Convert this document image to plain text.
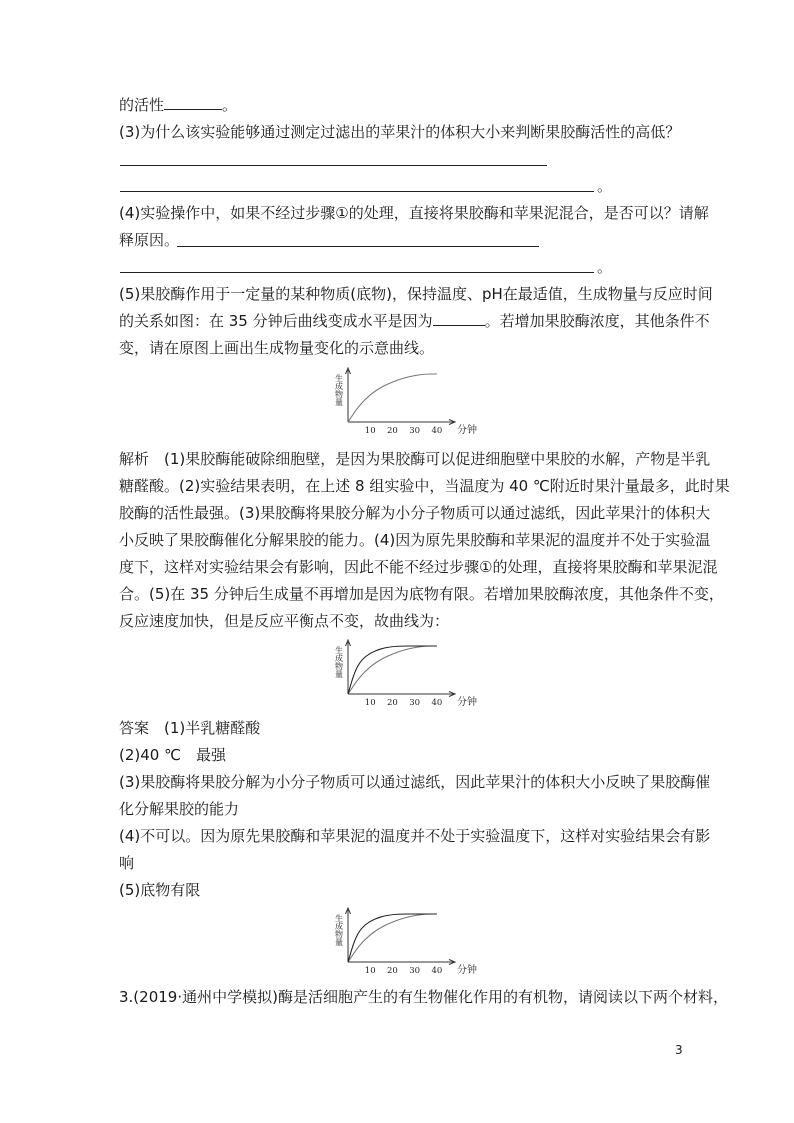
的活性	。
(3)为什么该实验能够通过测定过滤出的苹果汁的体积大小来判断果胶酶活性的高低？
。
(4)实验操作中，如果不经过步骤①的处理，直接将果胶酶和苹果泥混合，是否可以？请解
释原因。
。
(5)果胶酶作用于一定量的某种物质(底物)，保持温度、pH在最适值，生成物量与反应时间
的关系如图：在 35 分钟后曲线变成水平是因为	。若增加果胶酶浓度，其他条件不
变，请在原图上画出生成物量变化的示意曲线。
生成物量
10 20 30 40 分钟
解析　(1)果胶酶能破除细胞壁，是因为果胶酶可以促进细胞壁中果胶的水解，产物是半乳
糖醛酸。(2)实验结果表明，在上述 8 组实验中，当温度为 40 ℃附近时果汁量最多，此时果
胶酶的活性最强。(3)果胶酶将果胶分解为小分子物质可以通过滤纸，因此苹果汁的体积大
小反映了果胶酶催化分解果胶的能力。(4)因为原先果胶酶和苹果泥的温度并不处于实验温
度下，这样对实验结果会有影响，因此不能不经过步骤①的处理，直接将果胶酶和苹果泥混
合。(5)在 35 分钟后生成量不再增加是因为底物有限。若增加果胶酶浓度，其他条件不变，
反应速度加快，但是反应平衡点不变，故曲线为：
生成物量
10 20 30 40 分钟
答案　(1)半乳糖醛酸
(2)40 ℃　最强
(3)果胶酶将果胶分解为小分子物质可以通过滤纸，因此苹果汁的体积大小反映了果胶酶催
化分解果胶的能力
(4)不可以。因为原先果胶酶和苹果泥的温度并不处于实验温度下，这样对实验结果会有影
响
(5)底物有限
生成物量
10 20 30 40 分钟
3.(2019·通州中学模拟)酶是活细胞产生的有生物催化作用的有机物，请阅读以下两个材料，
3
